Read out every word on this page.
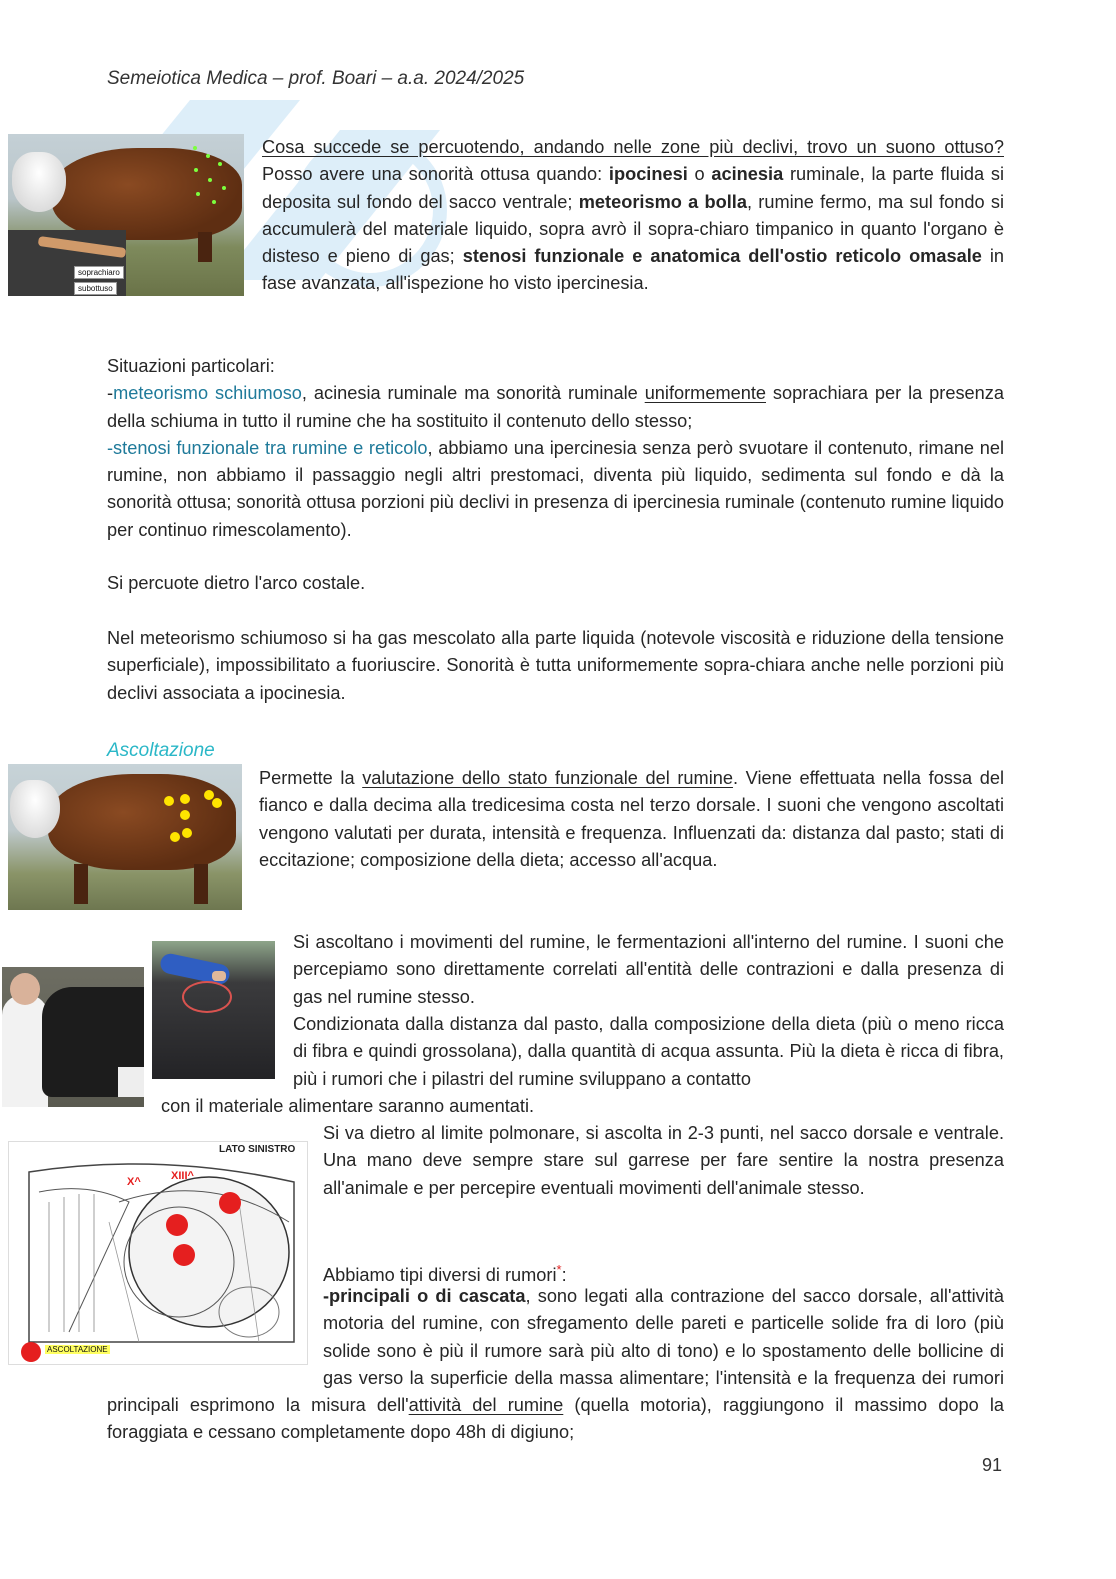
Semeiotica Medica – prof. Boari – a.a. 2024/2025
soprachiaro
subottuso
Cosa succede se percuotendo, andando nelle zone più declivi, trovo un suono ottuso? Posso avere una sonorità ottusa quando: ipocinesi o acinesia ruminale, la parte fluida si deposita sul fondo del sacco ventrale; meteorismo a bolla, rumine fermo, ma sul fondo si accumulerà del materiale liquido, sopra avrò il sopra-chiaro timpanico in quanto l'organo è disteso e pieno di gas; stenosi funzionale e anatomica dell'ostio reticolo omasale in fase avanzata, all'ispezione ho visto ipercinesia.
Situazioni particolari:
-meteorismo schiumoso, acinesia ruminale ma sonorità ruminale uniformemente soprachiara per la presenza della schiuma in tutto il rumine che ha sostituito il contenuto dello stesso;
-stenosi funzionale tra rumine e reticolo, abbiamo una ipercinesia senza però svuotare il contenuto, rimane nel rumine, non abbiamo il passaggio negli altri prestomaci, diventa più liquido, sedimenta sul fondo e dà la sonorità ottusa; sonorità ottusa porzioni più declivi in presenza di ipercinesia ruminale (contenuto rumine liquido per continuo rimescolamento).
Si percuote dietro l'arco costale.
Nel meteorismo schiumoso si ha gas mescolato alla parte liquida (notevole viscosità e riduzione della tensione superficiale), impossibilitato a fuoriuscire. Sonorità è tutta uniformemente sopra-chiara anche nelle porzioni più declivi associata a ipocinesia.
Ascoltazione
Permette la valutazione dello stato funzionale del rumine. Viene effettuata nella fossa del fianco e dalla decima alla tredicesima costa nel terzo dorsale. I suoni che vengono ascoltati vengono valutati per durata, intensità e frequenza. Influenzati da: distanza dal pasto; stati di eccitazione; composizione della dieta; accesso all'acqua.
Si ascoltano i movimenti del rumine, le fermentazioni all'interno del rumine. I suoni che percepiamo sono direttamente correlati all'entità delle contrazioni e dalla presenza di gas nel rumine stesso.
Condizionata dalla distanza dal pasto, dalla composizione della dieta (più o meno ricca di fibra e quindi grossolana), dalla quantità di acqua assunta. Più la dieta è ricca di fibra, più i rumori che i pilastri del rumine sviluppano a contatto
con il materiale alimentare saranno aumentati.
LATO SINISTRO
XIII^
X^
ASCOLTAZIONE
Si va dietro al limite polmonare, si ascolta in 2-3 punti, nel sacco dorsale e ventrale. Una mano deve sempre stare sul garrese per fare sentire la nostra presenza all'animale e per percepire eventuali movimenti dell'animale stesso.
Abbiamo tipi diversi di rumori*:
-principali o di cascata, sono legati alla contrazione del sacco dorsale, all'attività motoria del rumine, con sfregamento delle pareti e particelle solide fra di loro (più solide sono è più il rumore sarà più alto di tono) e lo spostamento delle bollicine di gas verso la superficie della massa alimentare; l'intensità e la frequenza dei rumori principali esprimono la misura dell'attività del rumine (quella motoria), raggiungono il massimo dopo la foraggiata e cessano completamente dopo 48h di digiuno;
91
